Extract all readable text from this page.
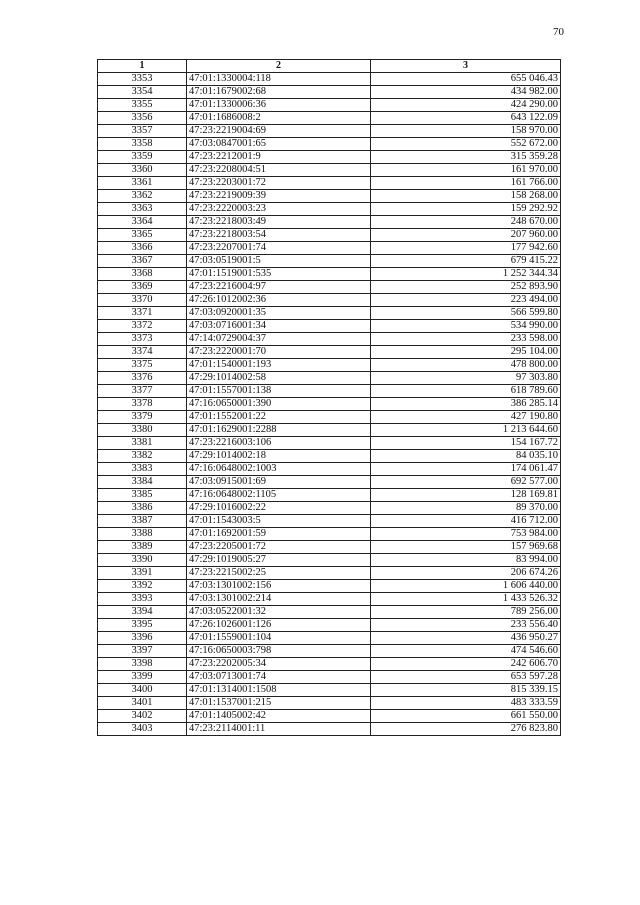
70
1	2	3
3353	47:01:1330004:118	655 046.43
3354	47:01:1679002:68	434 982.00
3355	47:01:1330006:36	424 290.00
3356	47:01:1686008:2	643 122.09
3357	47:23:2219004:69	158 970.00
3358	47:03:0847001:65	552 672.00
3359	47:23:2212001:9	315 359.28
3360	47:23:2208004:51	161 970.00
3361	47:23:2203001:72	161 766.00
3362	47:23:2219009:39	158 268.00
3363	47:23:2220003:23	159 292.92
3364	47:23:2218003:49	248 670.00
3365	47:23:2218003:54	207 960.00
3366	47:23:2207001:74	177 942.60
3367	47:03:0519001:5	679 415.22
3368	47:01:1519001:535	1 252 344.34
3369	47:23:2216004:97	252 893.90
3370	47:26:1012002:36	223 494.00
3371	47:03:0920001:35	566 599.80
3372	47:03:0716001:34	534 990.00
3373	47:14:0729004:37	233 598.00
3374	47:23:2220001:70	295 104.00
3375	47:01:1540001:193	478 800.00
3376	47:29:1014002:58	97 303.80
3377	47:01:1557001:138	618 789.60
3378	47:16:0650001:390	386 285.14
3379	47:01:1552001:22	427 190.80
3380	47:01:1629001:2288	1 213 644.60
3381	47:23:2216003:106	154 167.72
3382	47:29:1014002:18	84 035.10
3383	47:16:0648002:1003	174 061.47
3384	47:03:0915001:69	692 577.00
3385	47:16:0648002:1105	128 169.81
3386	47:29:1016002:22	89 370.00
3387	47:01:1543003:5	416 712.00
3388	47:01:1692001:59	753 984.00
3389	47:23:2205001:72	157 969.68
3390	47:29:1019005:27	83 994.00
3391	47:23:2215002:25	206 674.26
3392	47:03:1301002:156	1 606 440.00
3393	47:03:1301002:214	1 433 526.32
3394	47:03:0522001:32	789 256.00
3395	47:26:1026001:126	233 556.40
3396	47:01:1559001:104	436 950.27
3397	47:16:0650003:798	474 546.60
3398	47:23:2202005:34	242 606.70
3399	47:03:0713001:74	653 597.28
3400	47:01:1314001:1508	815 339.15
3401	47:01:1537001:215	483 333.59
3402	47:01:1405002:42	661 550.00
3403	47:23:2114001:11	276 823.80
